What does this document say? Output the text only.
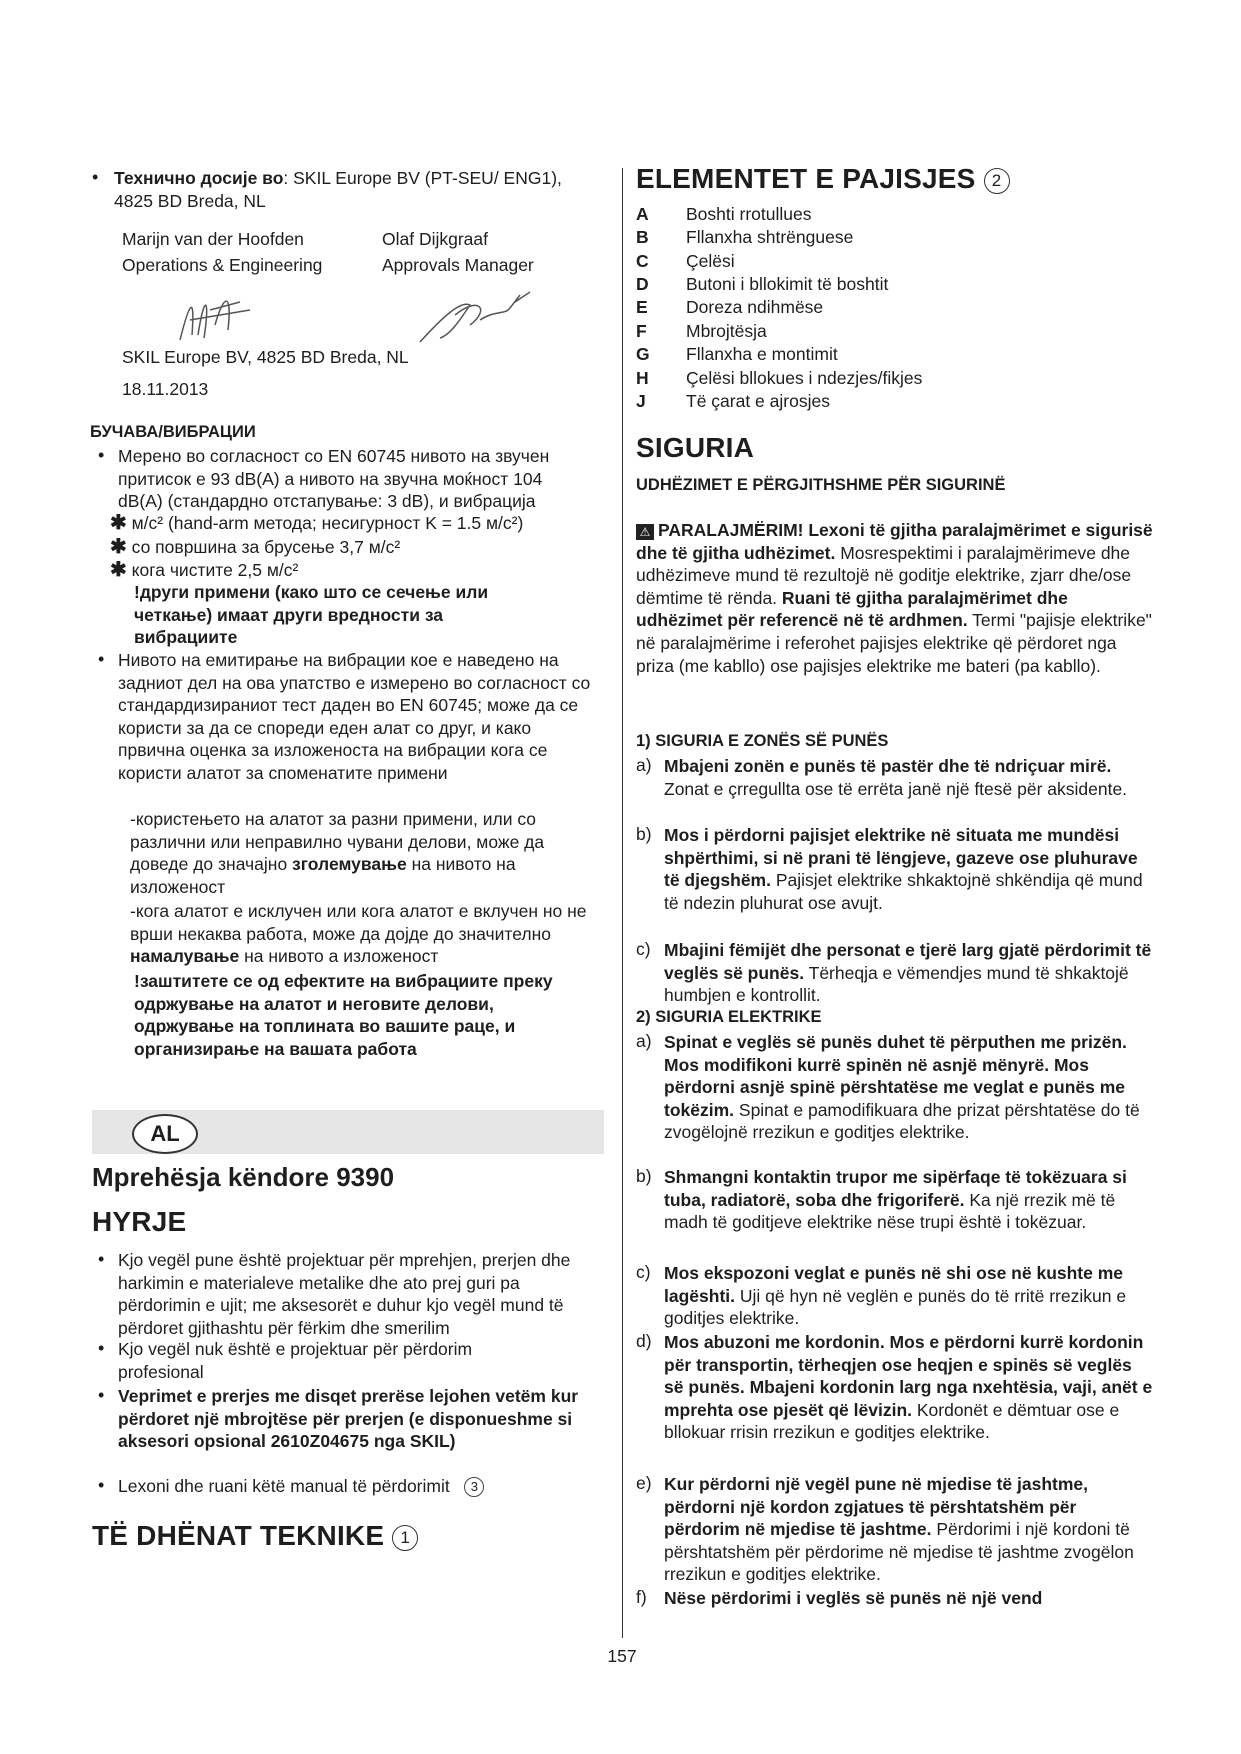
• Технично досије во: SKIL Europe BV (PT-SEU/ ENG1), 4825 BD Breda, NL
Marijn van der Hoofden
Operations & Engineering
Olaf Dijkgraaf
Approvals Manager
SKIL Europe BV, 4825 BD Breda, NL
18.11.2013
БУЧАВА/ВИБРАЦИИ
• Мерено во согласност со EN 60745 нивото на звучен притисок е 93 dB(A) а нивото на звучна моќност 104 dB(A) (стандардно отстапување: 3 dB), и вибрација
✱ м/с² (hand-arm метода; несигурност K = 1.5 м/с²)
✱ со површина за брусење 3,7 м/с²
✱ кога чистите 2,5 м/с²
!други примени (како што се сечење или четкање) имаат други вредности за вибрациите
• Нивото на емитирање на вибрации кое е наведено на задниот дел на ова упатство е измерено во согласност со стандардизираниот тест даден во EN 60745; може да се користи за да се спореди еден алат со друг, и како првична оценка за изложеноста на вибрации кога се користи алатот за споменатите примени
-користењето на алатот за разни примени, или со различни или неправилно чувани делови, може да доведе до значајно зголемување на нивото на изложеност
-кога алатот е исклучен или кога алатот е вклучен но не врши некаква работа, може да дојде до значително намалување на нивото а изложеност
!заштитете се од ефектите на вибрациите преку одржување на алатот и неговите делови, одржување на топлината во вашите раце, и организирање на вашата работа
AL
Mprehësja këndore 9390
HYRJE
• Kjo vegël pune është projektuar për mprehjen, prerjen dhe harkimin e materialeve metalike dhe ato prej guri pa përdorimin e ujit; me aksesorët e duhur kjo vegël mund të përdoret gjithashtu për fërkim dhe smerilim
• Kjo vegël nuk është e projektuar për përdorim profesional
• Veprimet e prerjes me disqet prerëse lejohen vetëm kur përdoret një mbrojtëse për prerjen (e disponueshme si aksesori opsional 2610Z04675 nga SKIL)
• Lexoni dhe ruani këtë manual të përdorimit 3
TË DHËNAT TEKNIKE 1
ELEMENTET E PAJISJES 2
A Boshti rrotullues
B Fllanxha shtrënguese
C Çelësi
D Butoni i bllokimit të boshtit
E Doreza ndihmëse
F Mbrojtësja
G Fllanxha e montimit
H Çelësi bllokues i ndezjes/fikjes
J Të çarat e ajrosjes
SIGURIA
UDHËZIMET E PËRGJITHSHME PËR SIGURINË
⚠ PARALAJMËRIM! Lexoni të gjitha paralajmërimet e sigurisë dhe të gjitha udhëzimet. Mosrespektimi i paralajmërimeve dhe udhëzimeve mund të rezultojë në goditje elektrike, zjarr dhe/ose dëmtime të rënda. Ruani të gjitha paralajmërimet dhe udhëzimet për referencë në të ardhmen. Termi "pajisje elektrike" në paralajmërime i referohet pajisjes elektrike që përdoret nga priza (me kabllo) ose pajisjes elektrike me bateri (pa kabllo).
1) SIGURIA E ZONËS SË PUNËS
a) Mbajeni zonën e punës të pastër dhe të ndriçuar mirë. Zonat e çrregullta ose të errëta janë një ftesë për aksidente.
b) Mos i përdorni pajisjet elektrike në situata me mundësi shpërthimi, si në prani të lëngjeve, gazeve ose pluhurave të djegshëm. Pajisjet elektrike shkaktojnë shkëndija që mund të ndezin pluhurat ose avujt.
c) Mbajini fëmijët dhe personat e tjerë larg gjatë përdorimit të veglës së punës. Tërheqja e vëmendjes mund të shkaktojë humbjen e kontrollit.
2) SIGURIA ELEKTRIKE
a) Spinat e veglës së punës duhet të përputhen me prizën. Mos modifikoni kurrë spinën në asnjë mënyrë. Mos përdorni asnjë spinë përshtatëse me veglat e punës me tokëzim. Spinat e pamodifikuara dhe prizat përshtatëse do të zvogëlojnë rrezikun e goditjes elektrike.
b) Shmangni kontaktin trupor me sipërfaqe të tokëzuara si tuba, radiatorë, soba dhe frigoriferë. Ka një rrezik më të madh të goditjeve elektrike nëse trupi është i tokëzuar.
c) Mos ekspozoni veglat e punës në shi ose në kushte me lagështi. Uji që hyn në veglën e punës do të rritë rrezikun e goditjes elektrike.
d) Mos abuzoni me kordonin. Mos e përdorni kurrë kordonin për transportin, tërheqjen ose heqjen e spinës së veglës së punës. Mbajeni kordonin larg nga nxehtësia, vaji, anët e mprehta ose pjesët që lëvizin. Kordonët e dëmtuar ose e bllokuar rrisin rrezikun e goditjes elektrike.
e) Kur përdorni një vegël pune në mjedise të jashtme, përdorni një kordon zgjatues të përshtatshëm për përdorim në mjedise të jashtme. Përdorimi i një kordoni të përshtatshëm për përdorime në mjedise të jashtme zvogëlon rrezikun e goditjes elektrike.
f) Nëse përdorimi i veglës së punës në një vend
157
